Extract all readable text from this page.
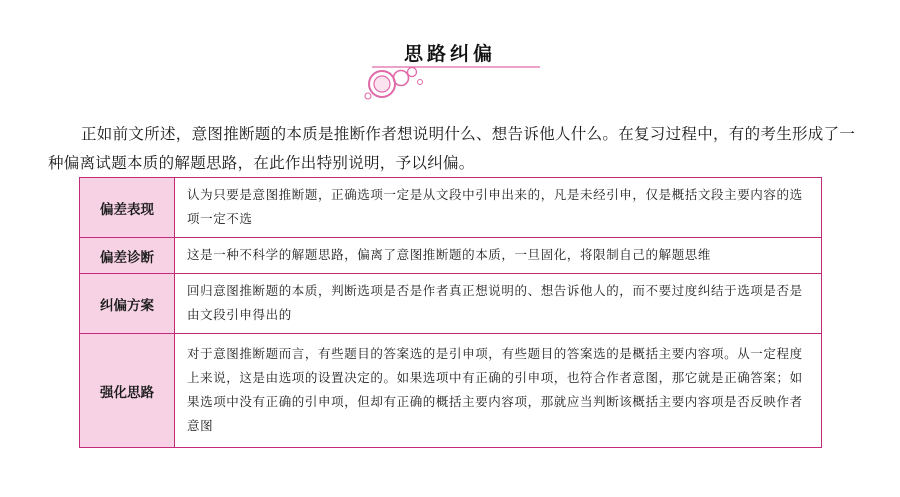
思路纠偏

正如前文所述，意图推断题的本质是推断作者想说明什么、想告诉他人什么。在复习过程中，有的考生形成了一种偏离试题本质的解题思路，在此作出特别说明，予以纠偏。

偏差表现	认为只要是意图推断题，正确选项一定是从文段中引申出来的，凡是未经引申，仅是概括文段主要内容的选项一定不选
偏差诊断	这是一种不科学的解题思路，偏离了意图推断题的本质，一旦固化，将限制自己的解题思维
纠偏方案	回归意图推断题的本质，判断选项是否是作者真正想说明的、想告诉他人的，而不要过度纠结于选项是否是由文段引申得出的
强化思路	对于意图推断题而言，有些题目的答案选的是引申项，有些题目的答案选的是概括主要内容项。从一定程度上来说，这是由选项的设置决定的。如果选项中有正确的引申项，也符合作者意图，那它就是正确答案；如果选项中没有正确的引申项，但却有正确的概括主要内容项，那就应当判断该概括主要内容项是否反映作者意图
